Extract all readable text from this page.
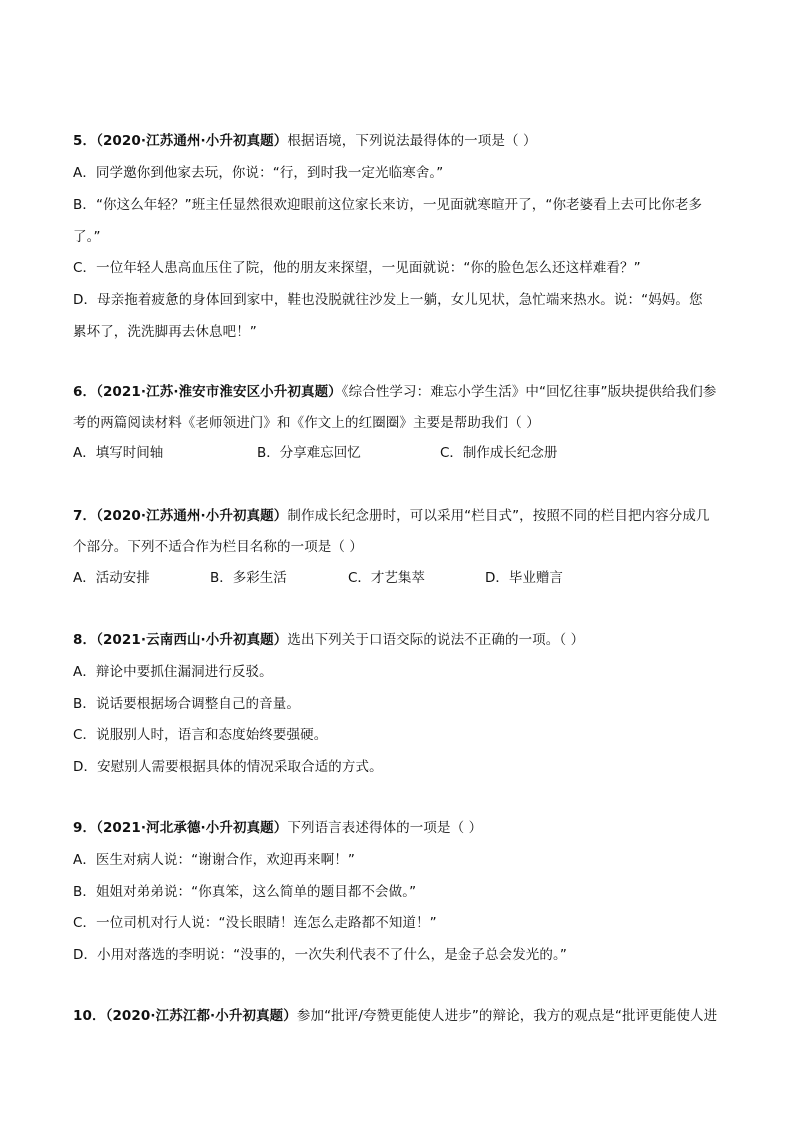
5．（2020·江苏通州·小升初真题）根据语境，下列说法最得体的一项是（ ）
A．同学邀你到他家去玩，你说：“行，到时我一定光临寒舍。”
B．“你这么年轻？”班主任显然很欢迎眼前这位家长来访，一见面就寒暄开了，“你老婆看上去可比你老多
了。”
C．一位年轻人患高血压住了院，他的朋友来探望，一见面就说：“你的脸色怎么还这样难看？”
D．母亲拖着疲惫的身体回到家中，鞋也没脱就往沙发上一躺，女儿见状，急忙端来热水。说：“妈妈。您
累坏了，洗洗脚再去休息吧！”
6．（2021·江苏·淮安市淮安区小升初真题）《综合性学习：难忘小学生活》中“回忆往事”版块提供给我们参
考的两篇阅读材料《老师领进门》和《作文上的红圈圈》主要是帮助我们（ ）
A．填写时间轴	B．分享难忘回忆	C．制作成长纪念册
7．（2020·江苏通州·小升初真题）制作成长纪念册时，可以采用“栏目式”，按照不同的栏目把内容分成几
个部分。下列不适合作为栏目名称的一项是（ ）
A．活动安排	B．多彩生活	C．才艺集萃	D．毕业赠言
8．（2021·云南西山·小升初真题）选出下列关于口语交际的说法不正确的一项。（ ）
A．辩论中要抓住漏洞进行反驳。
B．说话要根据场合调整自己的音量。
C．说服别人时，语言和态度始终要强硬。
D．安慰别人需要根据具体的情况采取合适的方式。
9．（2021·河北承德·小升初真题）下列语言表述得体的一项是（ ）
A．医生对病人说：“谢谢合作，欢迎再来啊！”
B．姐姐对弟弟说：“你真笨，这么简单的题目都不会做。”
C．一位司机对行人说：“没长眼睛！连怎么走路都不知道！”
D．小用对落选的李明说：“没事的，一次失利代表不了什么，是金子总会发光的。”
10．（2020·江苏江都·小升初真题）参加“批评/夸赞更能使人进步”的辩论，我方的观点是“批评更能使人进
